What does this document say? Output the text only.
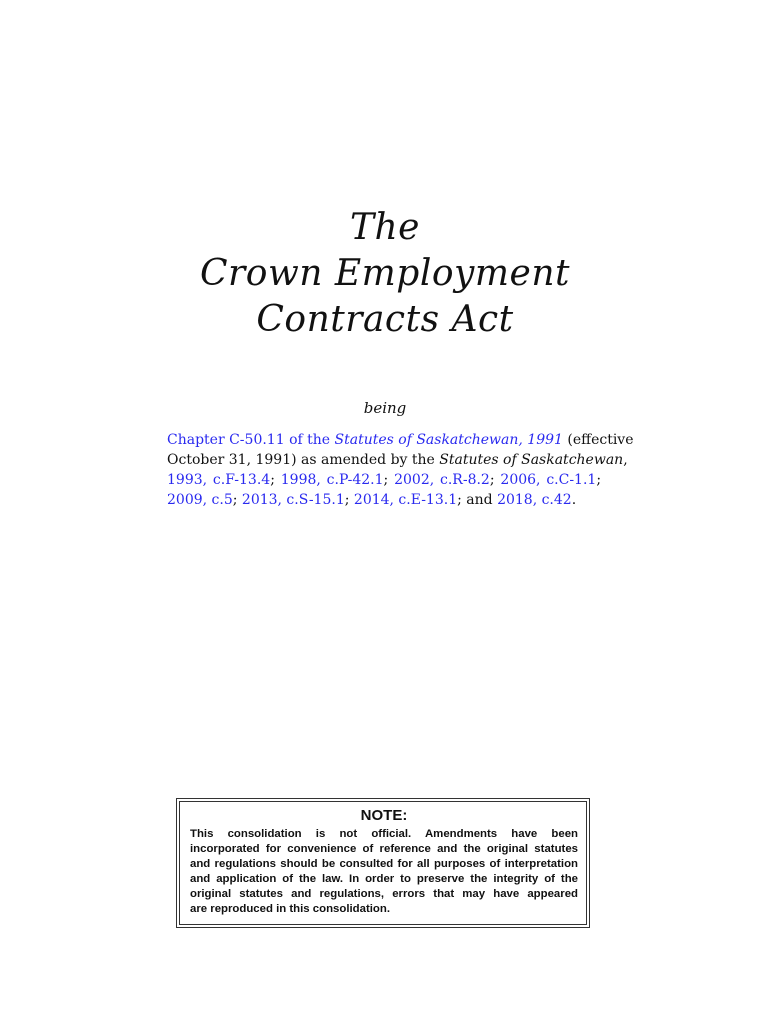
The
Crown Employment
Contracts Act
being
Chapter C-50.11 of the Statutes of Saskatchewan, 1991 (effective
October 31, 1991) as amended by the Statutes of Saskatchewan,
1993, c.F-13.4; 1998, c.P-42.1; 2002, c.R-8.2; 2006, c.C-1.1;
2009, c.5; 2013, c.S-15.1; 2014, c.E-13.1; and 2018, c.42.
NOTE:
This consolidation is not official. Amendments have been
incorporated for convenience of reference and the original statutes
and regulations should be consulted for all purposes of interpretation
and application of the law. In order to preserve the integrity of the
original statutes and regulations, errors that may have appeared
are reproduced in this consolidation.
